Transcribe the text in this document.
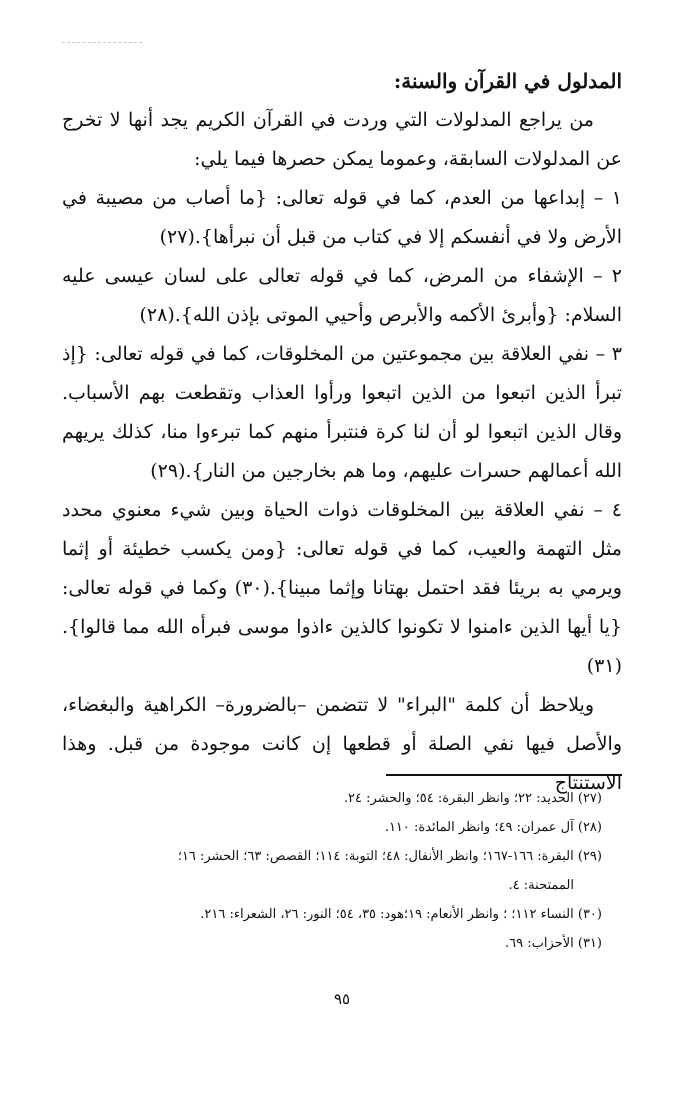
المدلول في القرآن والسنة:

من يراجع المدلولات التي وردت في القرآن الكريم يجد أنها لا تخرج عن المدلولات السابقة، وعموما يمكن حصرها فيما يلي:

١ – إبداعها من العدم، كما في قوله تعالى: {ما أصاب من مصيبة في الأرض ولا في أنفسكم إلا في كتاب من قبل أن نبرأها}.(٢٧)

٢ – الإشفاء من المرض، كما في قوله تعالى على لسان عيسى عليه السلام: {وأبرئ الأكمه والأبرص وأحيي الموتى بإذن الله}.(٢٨)

٣ – نفي العلاقة بين مجموعتين من المخلوقات، كما في قوله تعالى: {إذ تبرأ الذين اتبعوا من الذين اتبعوا ورأوا العذاب وتقطعت بهم الأسباب. وقال الذين اتبعوا لو أن لنا كرة فنتبرأ منهم كما تبرءوا منا، كذلك يريهم الله أعمالهم حسرات عليهم، وما هم بخارجين من النار}.(٢٩)

٤ – نفي العلاقة بين المخلوقات ذوات الحياة وبين شيء معنوي محدد مثل التهمة والعيب، كما في قوله تعالى: {ومن يكسب خطيئة أو إثما ويرمي به بريئا فقد احتمل بهتانا وإثما مبينا}.(٣٠) وكما في قوله تعالى: {يا أيها الذين ءامنوا لا تكونوا كالذين ءاذوا موسى فبرأه الله مما قالوا}.(٣١)

ويلاحظ أن كلمة "البراء" لا تتضمن –بالضرورة– الكراهية والبغضاء، والأصل فيها نفي الصلة أو قطعها إن كانت موجودة من قبل. وهذا الاستنتاج

(٢٧) الحديد: ٢٢؛ وانظر البقرة: ٥٤؛ والحشر: ٢٤.

(٢٨) آل عمران: ٤٩؛ وانظر المائدة: ١١٠.

(٢٩) البقرة: ١٦٦-١٦٧؛ وانظر الأنفال: ٤٨؛ التوبة: ١١٤؛ القصص: ٦٣؛ الحشر: ١٦؛

الممتحنة: ٤.

(٣٠) النساء ١١٢؛ ؛ وانظر الأنعام: ١٩؛هود: ٣٥، ٥٤؛ النور: ٢٦، الشعراء: ٢١٦.

(٣١) الأحزاب: ٦٩.

٩٥
